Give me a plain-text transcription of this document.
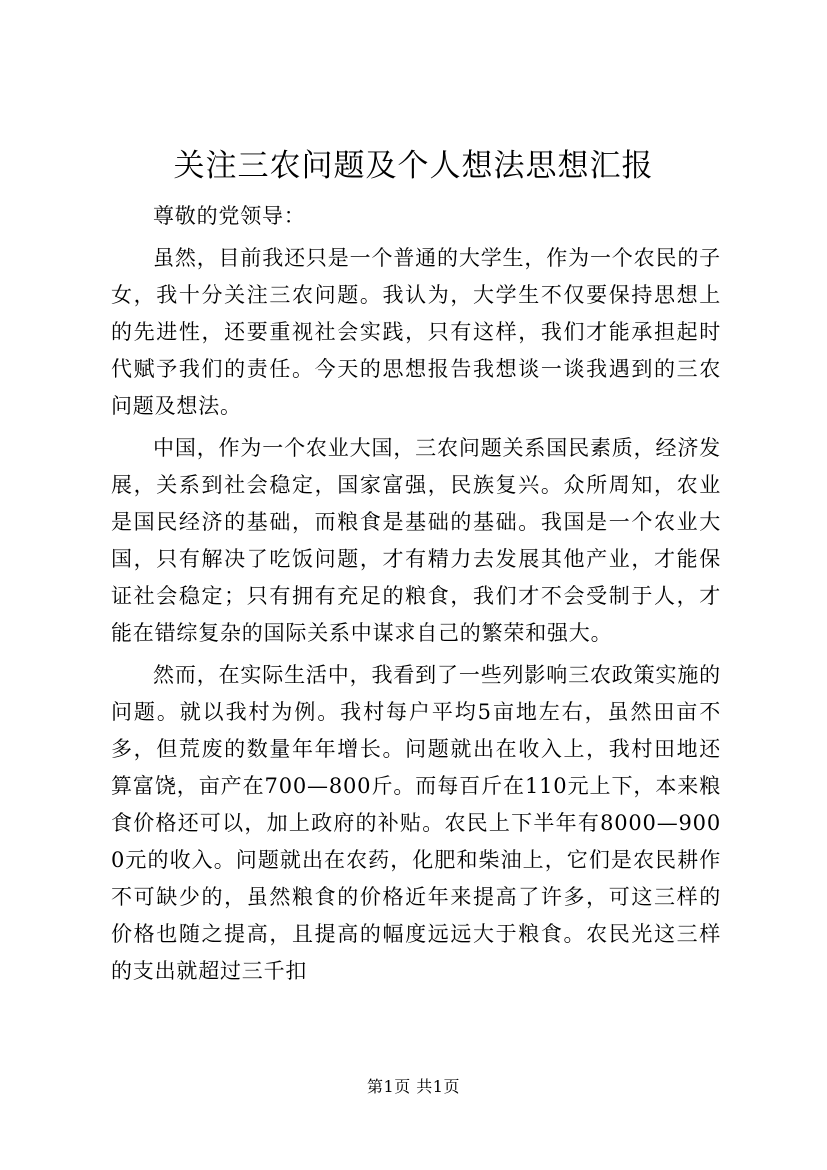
关注三农问题及个人想法思想汇报

尊敬的党领导：

虽然，目前我还只是一个普通的大学生，作为一个农民的子女，我十分关注三农问题。我认为，大学生不仅要保持思想上的先进性，还要重视社会实践，只有这样，我们才能承担起时代赋予我们的责任。今天的思想报告我想谈一谈我遇到的三农问题及想法。

中国，作为一个农业大国，三农问题关系国民素质，经济发展，关系到社会稳定，国家富强，民族复兴。众所周知，农业是国民经济的基础，而粮食是基础的基础。我国是一个农业大国，只有解决了吃饭问题，才有精力去发展其他产业，才能保证社会稳定；只有拥有充足的粮食，我们才不会受制于人，才能在错综复杂的国际关系中谋求自己的繁荣和强大。

然而，在实际生活中，我看到了一些列影响三农政策实施的问题。就以我村为例。我村每户平均5亩地左右，虽然田亩不多，但荒废的数量年年增长。问题就出在收入上，我村田地还算富饶，亩产在700—800斤。而每百斤在110元上下，本来粮食价格还可以，加上政府的补贴。农民上下半年有8000—9000元的收入。问题就出在农药，化肥和柴油上，它们是农民耕作不可缺少的，虽然粮食的价格近年来提高了许多，可这三样的价格也随之提高，且提高的幅度远远大于粮食。农民光这三样的支出就超过三千扣

第1页 共1页
